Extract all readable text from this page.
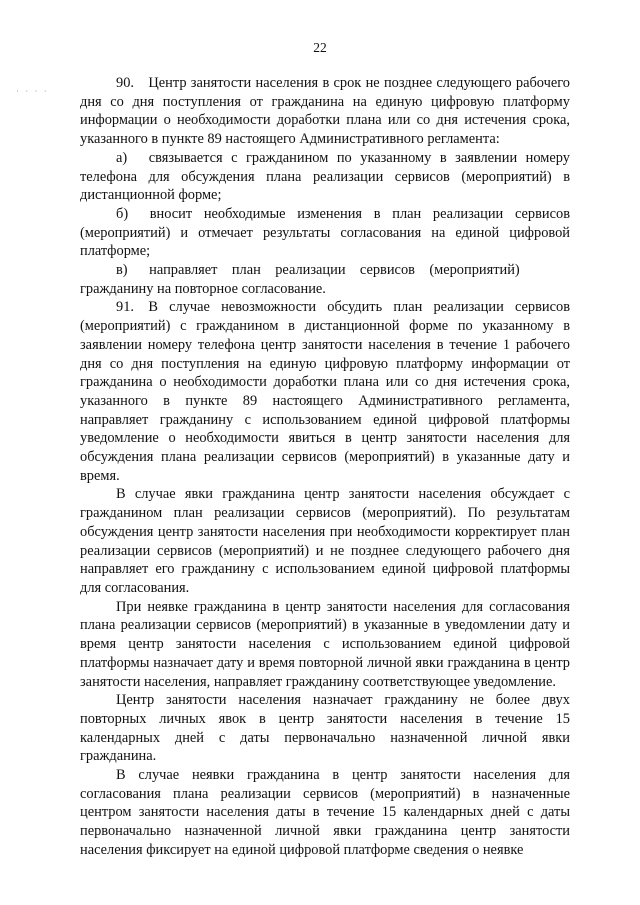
22
· · · ·	90. Центр занятости населения в срок не позднее следующего рабочего дня со дня поступления от гражданина на единую цифровую платформу информации о необходимости доработки плана или со дня истечения срока, указанного в пункте 89 настоящего Административного регламента:

а)  связывается с гражданином по указанному в заявлении номеру телефона для обсуждения плана реализации сервисов (мероприятий) в дистанционной форме;

б)  вносит необходимые изменения в план реализации сервисов (мероприятий) и отмечает результаты согласования на единой цифровой платформе;

в)  направляет план реализации сервисов (мероприятий) гражданину на повторное согласование.

91. В случае невозможности обсудить план реализации сервисов (мероприятий) с гражданином в дистанционной форме по указанному в заявлении номеру телефона центр занятости населения в течение 1 рабочего дня со дня поступления на единую цифровую платформу информации от гражданина о необходимости доработки плана или со дня истечения срока, указанного в пункте 89 настоящего Административного регламента, направляет гражданину с использованием единой цифровой платформы уведомление о необходимости явиться в центр занятости населения для обсуждения плана реализации сервисов (мероприятий) в указанные дату и время.

В случае явки гражданина центр занятости населения обсуждает с гражданином план реализации сервисов (мероприятий). По результатам обсуждения центр занятости населения при необходимости корректирует план реализации сервисов (мероприятий) и не позднее следующего рабочего дня направляет его гражданину с использованием единой цифровой платформы для согласования.

При неявке гражданина в центр занятости населения для согласования плана реализации сервисов (мероприятий) в указанные в уведомлении дату и время центр занятости населения с использованием единой цифровой платформы назначает дату и время повторной личной явки гражданина в центр занятости населения, направляет гражданину соответствующее уведомление.

Центр занятости населения назначает гражданину не более двух повторных личных явок в центр занятости населения в течение 15 календарных дней с даты первоначально назначенной личной явки гражданина.

В случае неявки гражданина в центр занятости населения для согласования плана реализации сервисов (мероприятий) в назначенные центром занятости населения даты в течение 15 календарных дней с даты первоначально назначенной личной явки гражданина центр занятости населения фиксирует на единой цифровой платформе сведения о неявке
